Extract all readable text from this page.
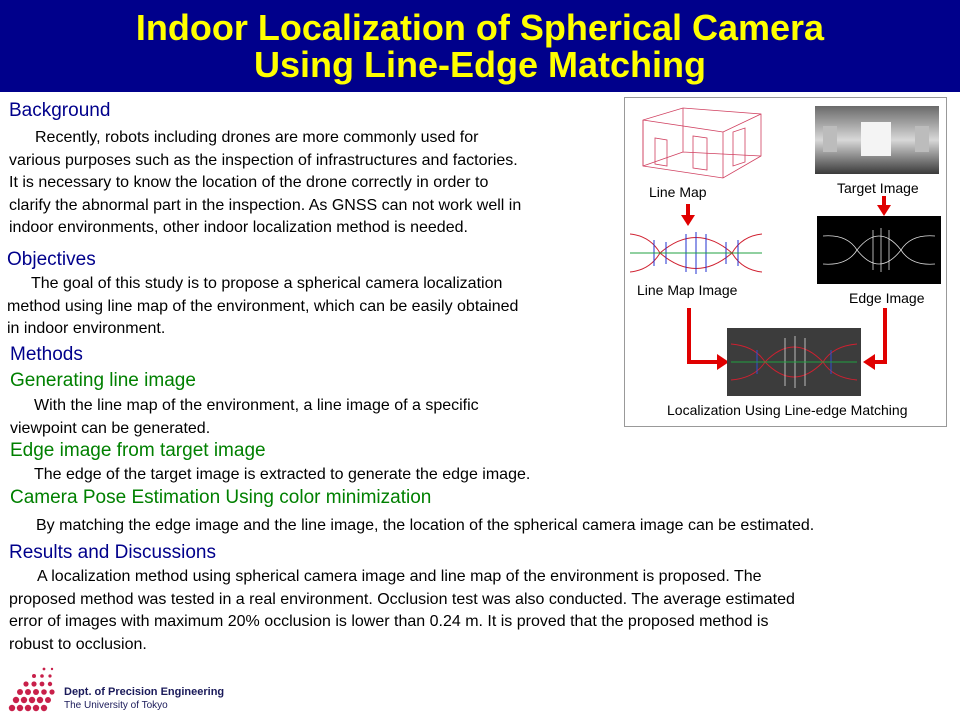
Indoor Localization of Spherical Camera
Using Line-Edge Matching
Background
Recently, robots including drones are more commonly used for
various purposes such as the inspection of infrastructures and factories.
It is necessary to know the location of the drone correctly in order to
clarify the abnormal part in the inspection. As GNSS can not work well in
indoor environments, other indoor localization method is needed.
Objectives
The goal of this study is to propose a spherical camera localization
method using line map of the environment, which can be easily obtained
in indoor environment.
Methods
Generating line image
With the line map of the environment, a line image of a specific
viewpoint can be generated.
Edge image from target image
The edge of the target image is extracted to generate the edge image.
Camera Pose Estimation Using color minimization
By matching the edge image and the line image, the location of the spherical camera image can be estimated.
Results and Discussions
A localization method using spherical camera image and line map of the environment is proposed. The
proposed method was tested in a real environment. Occlusion test was also conducted. The average estimated
error of images with maximum 20% occlusion is lower than 0.24 m. It is proved that the proposed method is
robust to occlusion.
Line Map	Target Image
Line Map Image	Edge Image
Localization Using Line-edge Matching
Dept. of Precision Engineering
The University of Tokyo
